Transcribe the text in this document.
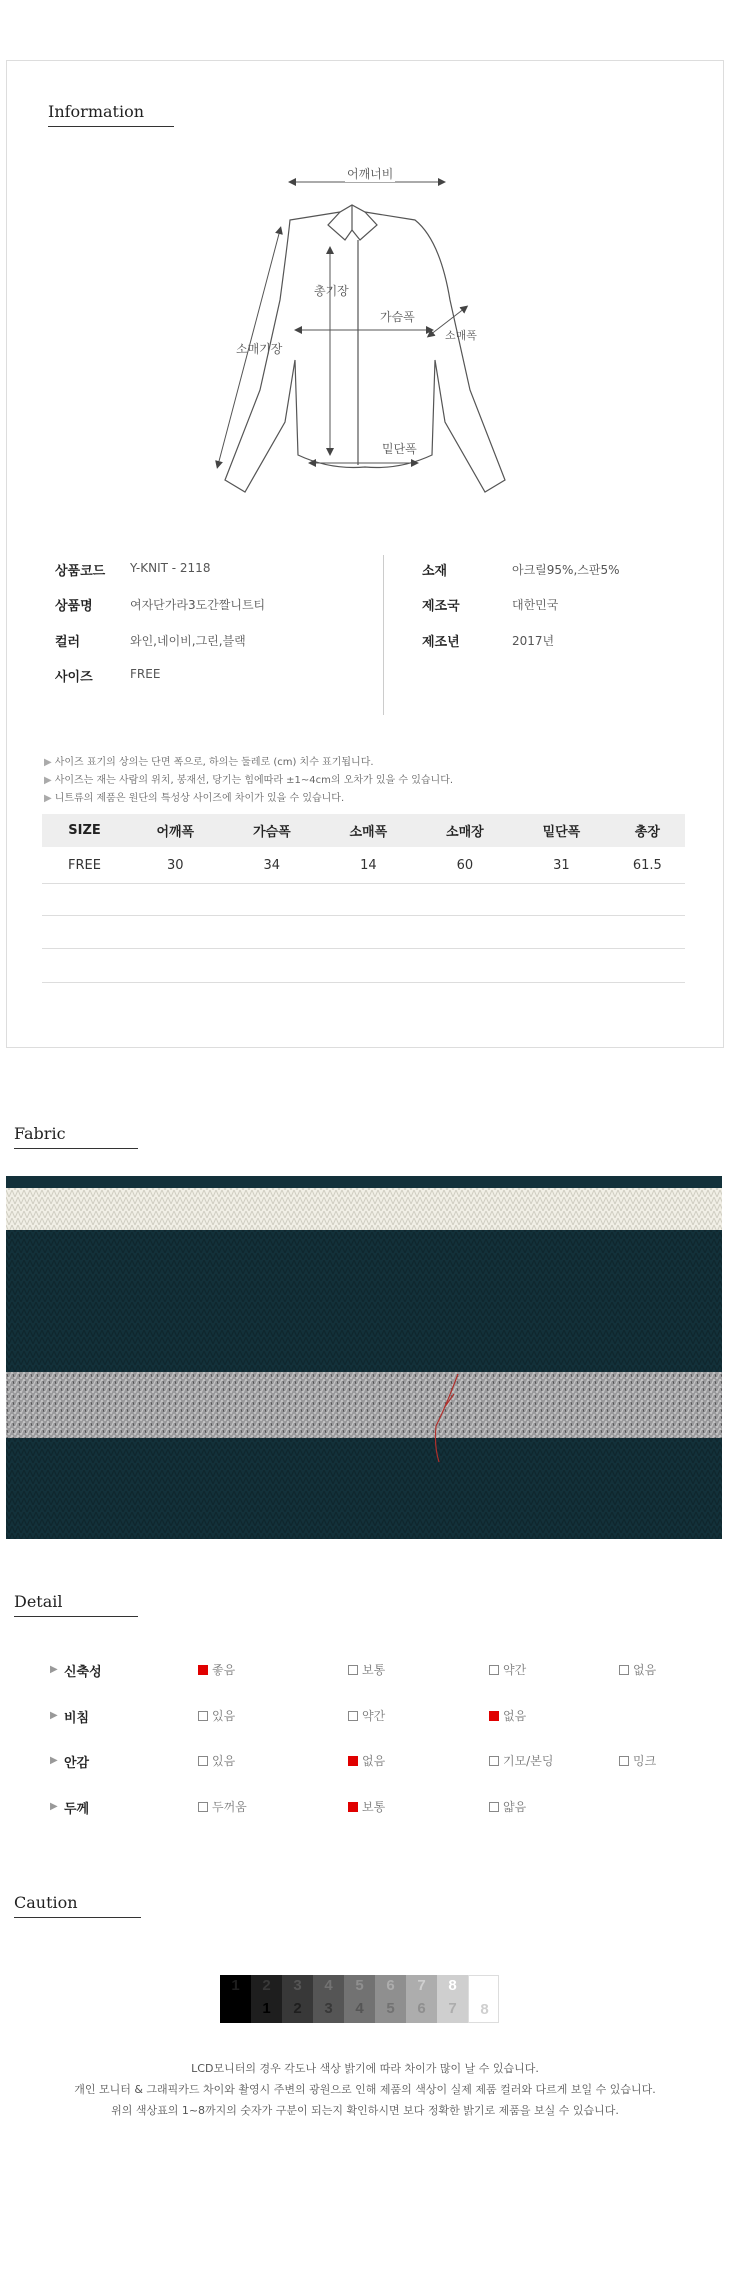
Information
어깨너비
총기장
가슴폭
소매폭
소매기장
밑단폭
상품코드 Y-KNIT - 2118
상품명	여자단가라3도간짤니트티
컬러	와인,네이비,그린,블랙
사이즈	FREE
소재	아크릴95%,스판5%
제조국	대한민국
제조년	2017년
▶ 사이즈 표기의 상의는 단면 폭으로, 하의는 둘레로 (cm) 치수 표기됩니다.
▶ 사이즈는 재는 사람의 위치, 봉재선, 당기는 힘에따라 ±1~4cm의 오차가 있을 수 있습니다.
▶ 니트류의 제품은 원단의 특성상 사이즈에 차이가 있을 수 있습니다.
SIZE	어깨폭	가슴폭	소매폭	소매장	밑단폭	총장
FREE	30	34	14	60	31	61.5
Fabric
Detail
▶ 신축성	좋음	보통	약간	없음
▶ 비침	있음	약간	없음
▶ 안감	있음	없음	기모/본딩	밍크
▶ 두께	두꺼움	보통	얇음
Caution
1	2
1
3
2
4
3
5
4
6
5
7
6
8
7	8
LCD모니터의 경우 각도나 색상 밝기에 따라 차이가 많이 날 수 있습니다.
개인 모니터 & 그래픽카드 차이와 촬영시 주변의 광원으로 인해 제품의 색상이 실제 제품 컬러와 다르게 보일 수 있습니다.
위의 색상표의 1~8까지의 숫자가 구분이 되는지 확인하시면 보다 정확한 밝기로 제품을 보실 수 있습니다.
